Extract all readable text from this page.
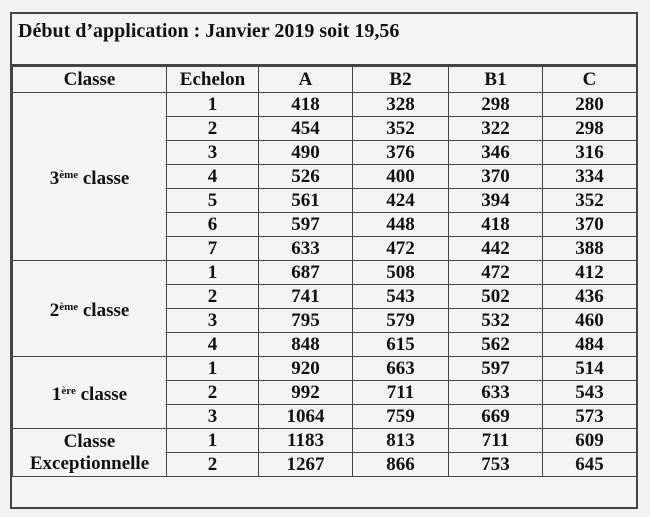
Début d’application : Janvier 2019 soit 19,56
Classe	Echelon	A	B2	B1	C
3ème classe	1	418	328	298	280
	2	454	352	322	298
	3	490	376	346	316
	4	526	400	370	334
	5	561	424	394	352
	6	597	448	418	370
	7	633	472	442	388
2ème classe	1	687	508	472	412
	2	741	543	502	436
	3	795	579	532	460
	4	848	615	562	484
1ère classe	1	920	663	597	514
	2	992	711	633	543
	3	1064	759	669	573
Classe Exceptionnelle	1	1183	813	711	609
	2	1267	866	753	645
